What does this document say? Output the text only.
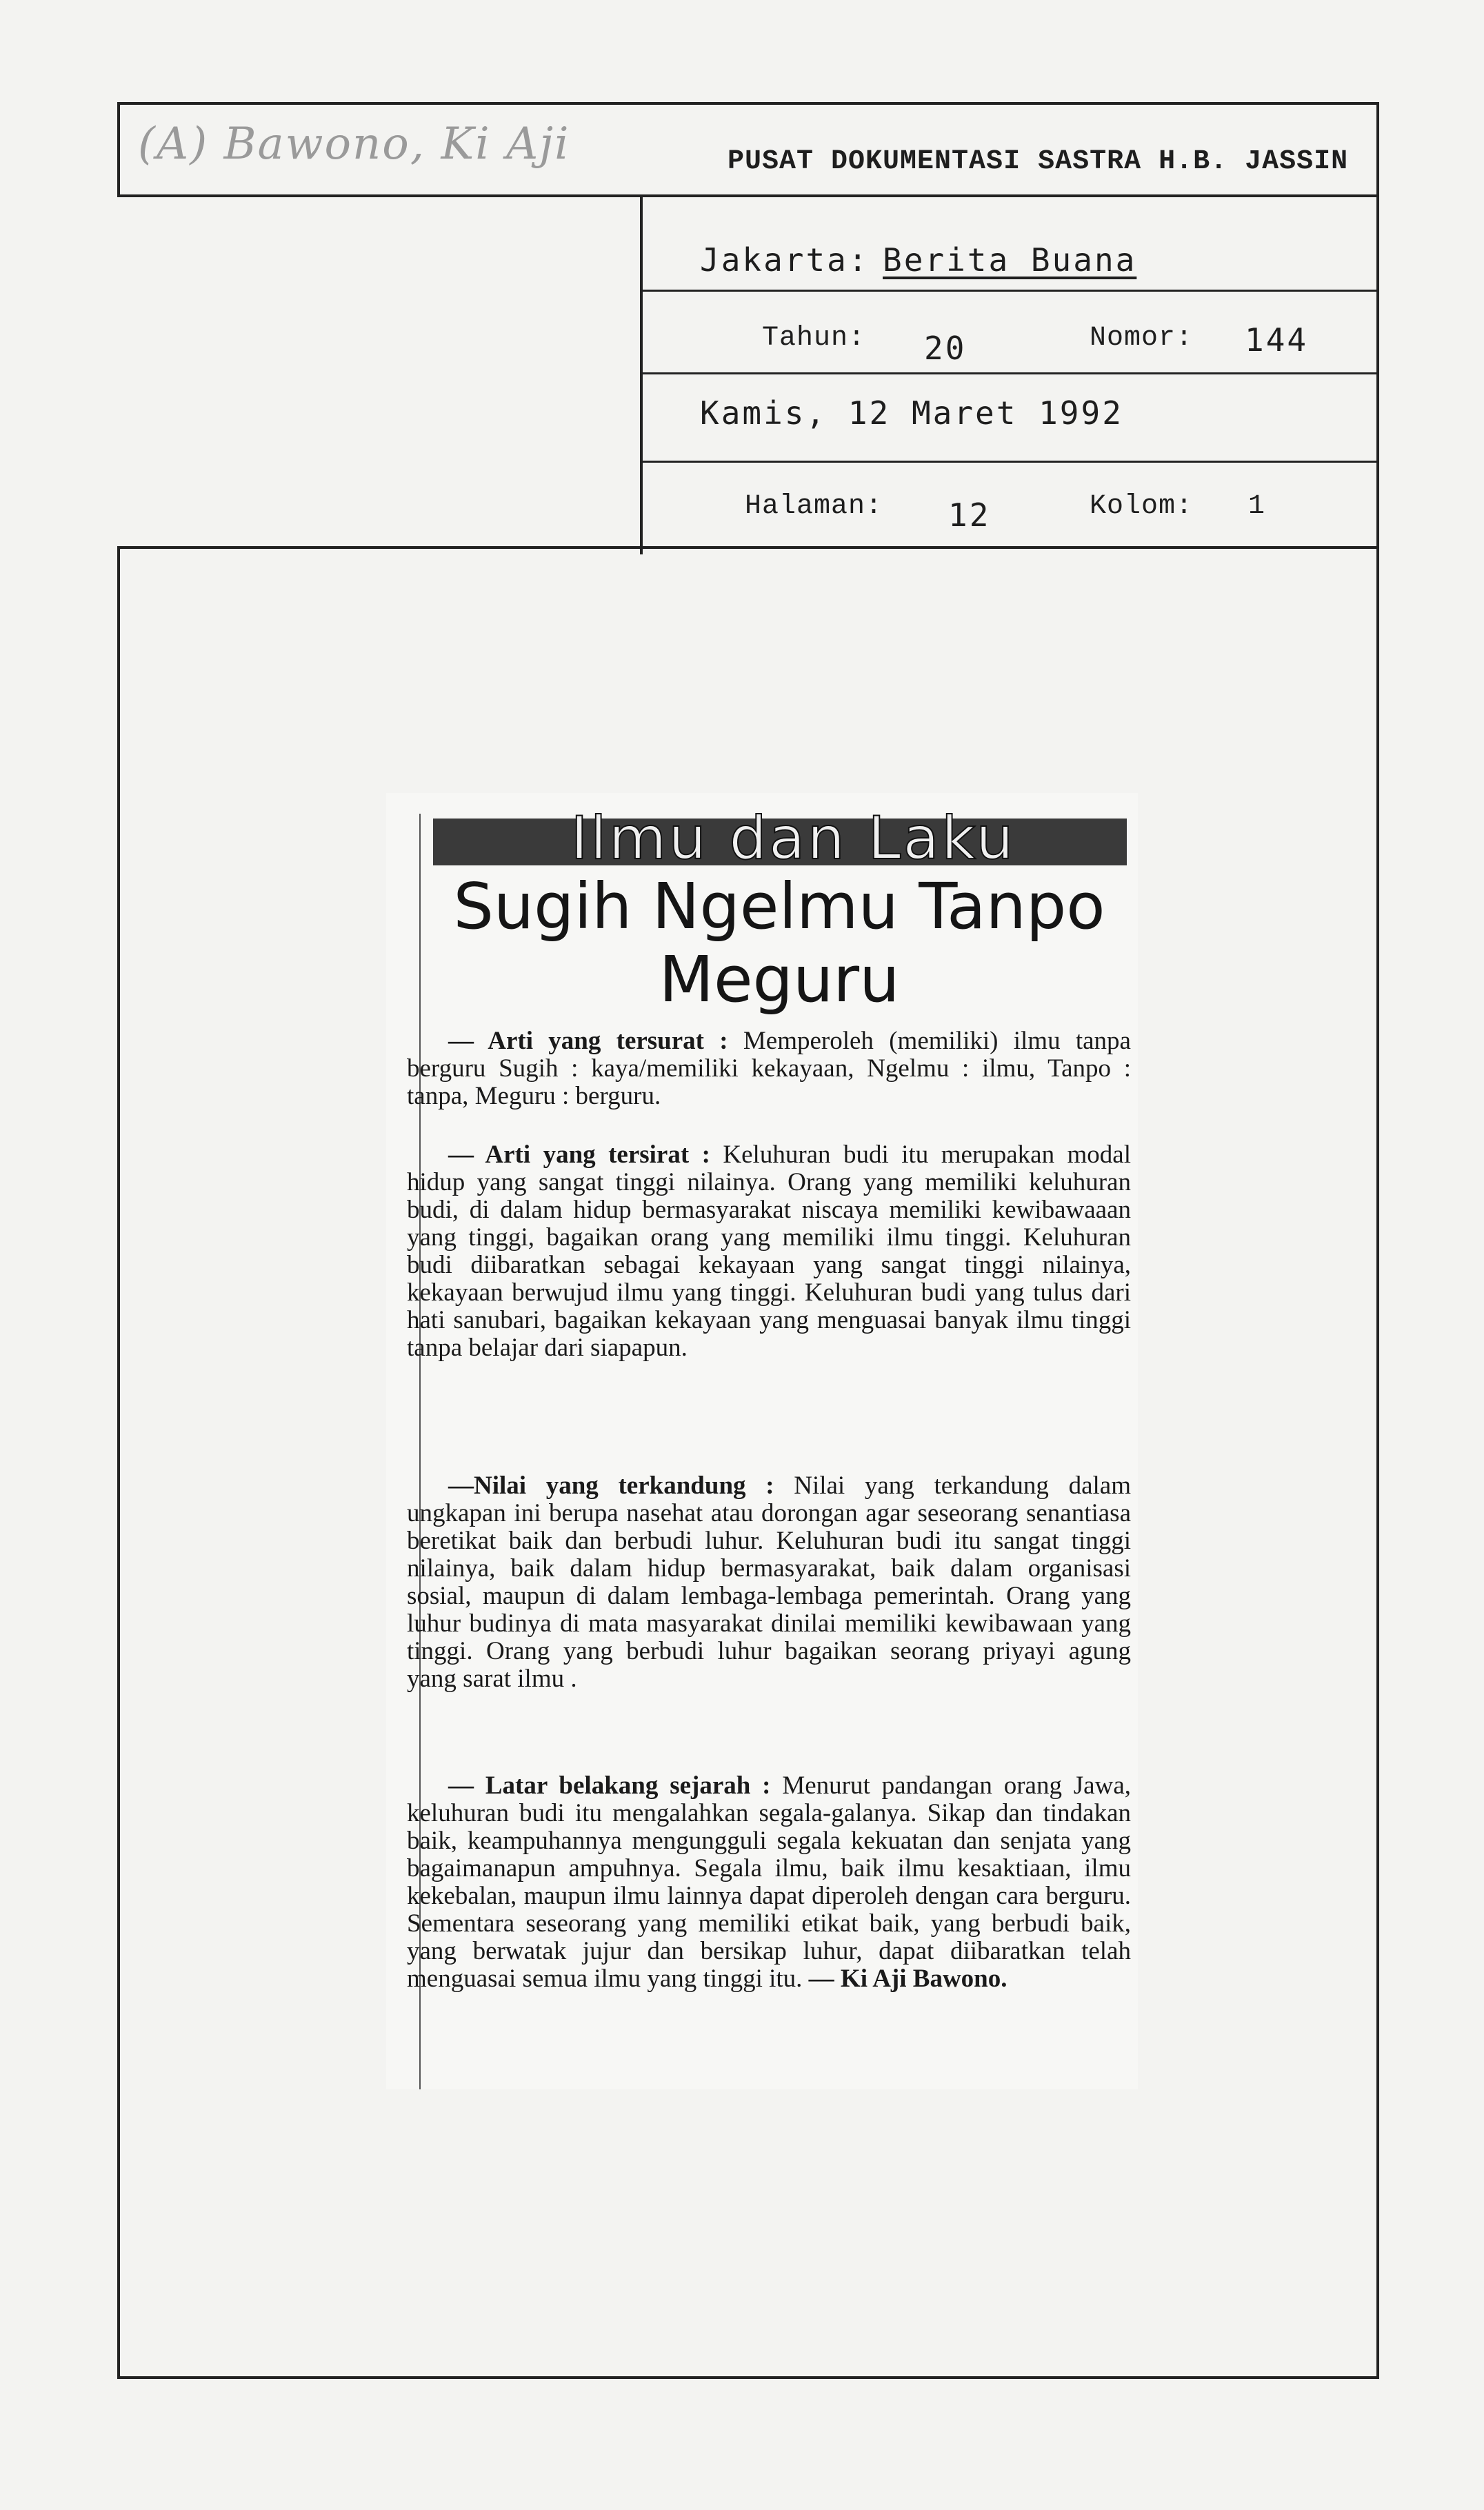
(A) Bawono, Ki Aji	PUSAT DOKUMENTASI SASTRA H.B. JASSIN
Jakarta: Berita Buana
Tahun: 20	Nomor: 144
Kamis, 12 Maret 1992
Halaman: 12	Kolom: 1
Ilmu dan Laku
Sugih Ngelmu Tanpo
Meguru
— Arti yang tersurat : Memperoleh (memiliki) ilmu tanpa berguru Sugih : kaya/memiliki kekayaan, Ngelmu : ilmu, Tanpo : tanpa, Meguru : berguru.
— Arti yang tersirat : Keluhuran budi itu merupakan modal hidup yang sangat tinggi nilainya. Orang yang memiliki keluhuran budi, di dalam hidup bermasyarakat niscaya memiliki kewibawaaan yang tinggi, bagaikan orang yang memiliki ilmu tinggi. Keluhuran budi diibaratkan sebagai kekayaan yang sangat tinggi nilainya, kekayaan berwujud ilmu yang tinggi. Keluhuran budi yang tulus dari hati sanubari, bagaikan kekayaan yang menguasai banyak ilmu tinggi tanpa belajar dari siapapun.
—Nilai yang terkandung : Nilai yang terkandung dalam ungkapan ini berupa nasehat atau dorongan agar seseorang senantiasa beretikat baik dan berbudi luhur. Keluhuran budi itu sangat tinggi nilainya, baik dalam hidup bermasyarakat, baik dalam organisasi sosial, maupun di dalam lembaga-lembaga pemerintah. Orang yang luhur budinya di mata masyarakat dinilai memiliki kewibawaan yang tinggi. Orang yang berbudi luhur bagaikan seorang priyayi agung yang sarat ilmu .
— Latar belakang sejarah : Menurut pandangan orang Jawa, keluhuran budi itu mengalahkan segala-galanya. Sikap dan tindakan baik, keampuhannya mengungguli segala kekuatan dan senjata yang bagaimanapun ampuhnya. Segala ilmu, baik ilmu kesaktiaan, ilmu kekebalan, maupun ilmu lainnya dapat diperoleh dengan cara berguru. Sementara seseorang yang memiliki etikat baik, yang berbudi baik, yang berwatak jujur dan bersikap luhur, dapat diibaratkan telah menguasai semua ilmu yang tinggi itu. — Ki Aji Bawono.
